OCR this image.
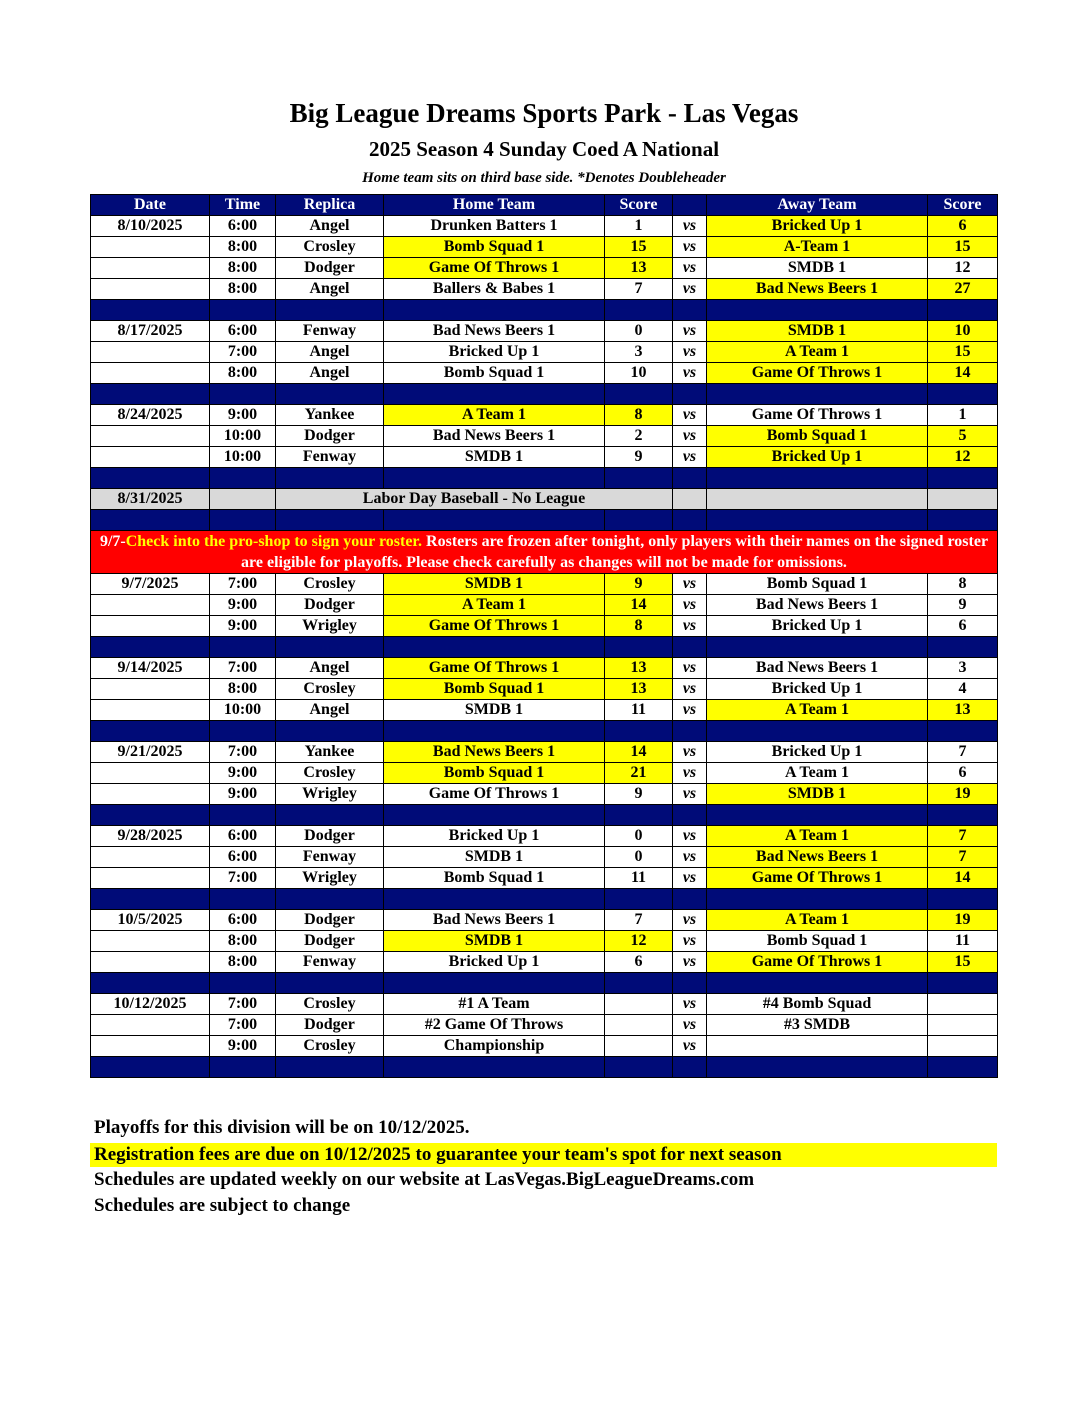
Big League Dreams Sports Park - Las Vegas
2025 Season 4 Sunday Coed A National
Home team sits on third base side. *Denotes Doubleheader
Date	Time	Replica	Home Team	Score		Away Team	Score
8/10/2025	6:00	Angel	Drunken Batters 1	1	vs	Bricked Up 1	6
	8:00	Crosley	Bomb Squad 1	15	vs	A-Team 1	15
	8:00	Dodger	Game Of Throws 1	13	vs	SMDB 1	12
	8:00	Angel	Ballers & Babes 1	7	vs	Bad News Beers 1	27

8/17/2025	6:00	Fenway	Bad News Beers 1	0	vs	SMDB 1	10
	7:00	Angel	Bricked Up 1	3	vs	A Team 1	15
	8:00	Angel	Bomb Squad 1	10	vs	Game Of Throws 1	14

8/24/2025	9:00	Yankee	A Team 1	8	vs	Game Of Throws 1	1
	10:00	Dodger	Bad News Beers 1	2	vs	Bomb Squad 1	5
	10:00	Fenway	SMDB 1	9	vs	Bricked Up 1	12

8/31/2025		Labor Day Baseball - No League					

9/7-Check into the pro-shop to sign your roster. Rosters are frozen after tonight, only players with their names on the signed roster are eligible for playoffs. Please check carefully as changes will not be made for omissions.							
9/7/2025	7:00	Crosley	SMDB 1	9	vs	Bomb Squad 1	8
	9:00	Dodger	A Team 1	14	vs	Bad News Beers 1	9
	9:00	Wrigley	Game Of Throws 1	8	vs	Bricked Up 1	6

9/14/2025	7:00	Angel	Game Of Throws 1	13	vs	Bad News Beers 1	3
	8:00	Crosley	Bomb Squad 1	13	vs	Bricked Up 1	4
	10:00	Angel	SMDB 1	11	vs	A Team 1	13

9/21/2025	7:00	Yankee	Bad News Beers 1	14	vs	Bricked Up 1	7
	9:00	Crosley	Bomb Squad 1	21	vs	A Team 1	6
	9:00	Wrigley	Game Of Throws 1	9	vs	SMDB 1	19

9/28/2025	6:00	Dodger	Bricked Up 1	0	vs	A Team 1	7
	6:00	Fenway	SMDB 1	0	vs	Bad News Beers 1	7
	7:00	Wrigley	Bomb Squad 1	11	vs	Game Of Throws 1	14

10/5/2025	6:00	Dodger	Bad News Beers 1	7	vs	A Team 1	19
	8:00	Dodger	SMDB 1	12	vs	Bomb Squad 1	11
	8:00	Fenway	Bricked Up 1	6	vs	Game Of Throws 1	15

10/12/2025	7:00	Crosley	#1 A Team		vs	#4 Bomb Squad	
	7:00	Dodger	#2 Game Of Throws		vs	#3 SMDB	
	9:00	Crosley	Championship		vs		

Playoffs for this division will be on 10/12/2025.
Registration fees are due on 10/12/2025 to guarantee your team's spot for next season
Schedules are updated weekly on our website at LasVegas.BigLeagueDreams.com
Schedules are subject to change
